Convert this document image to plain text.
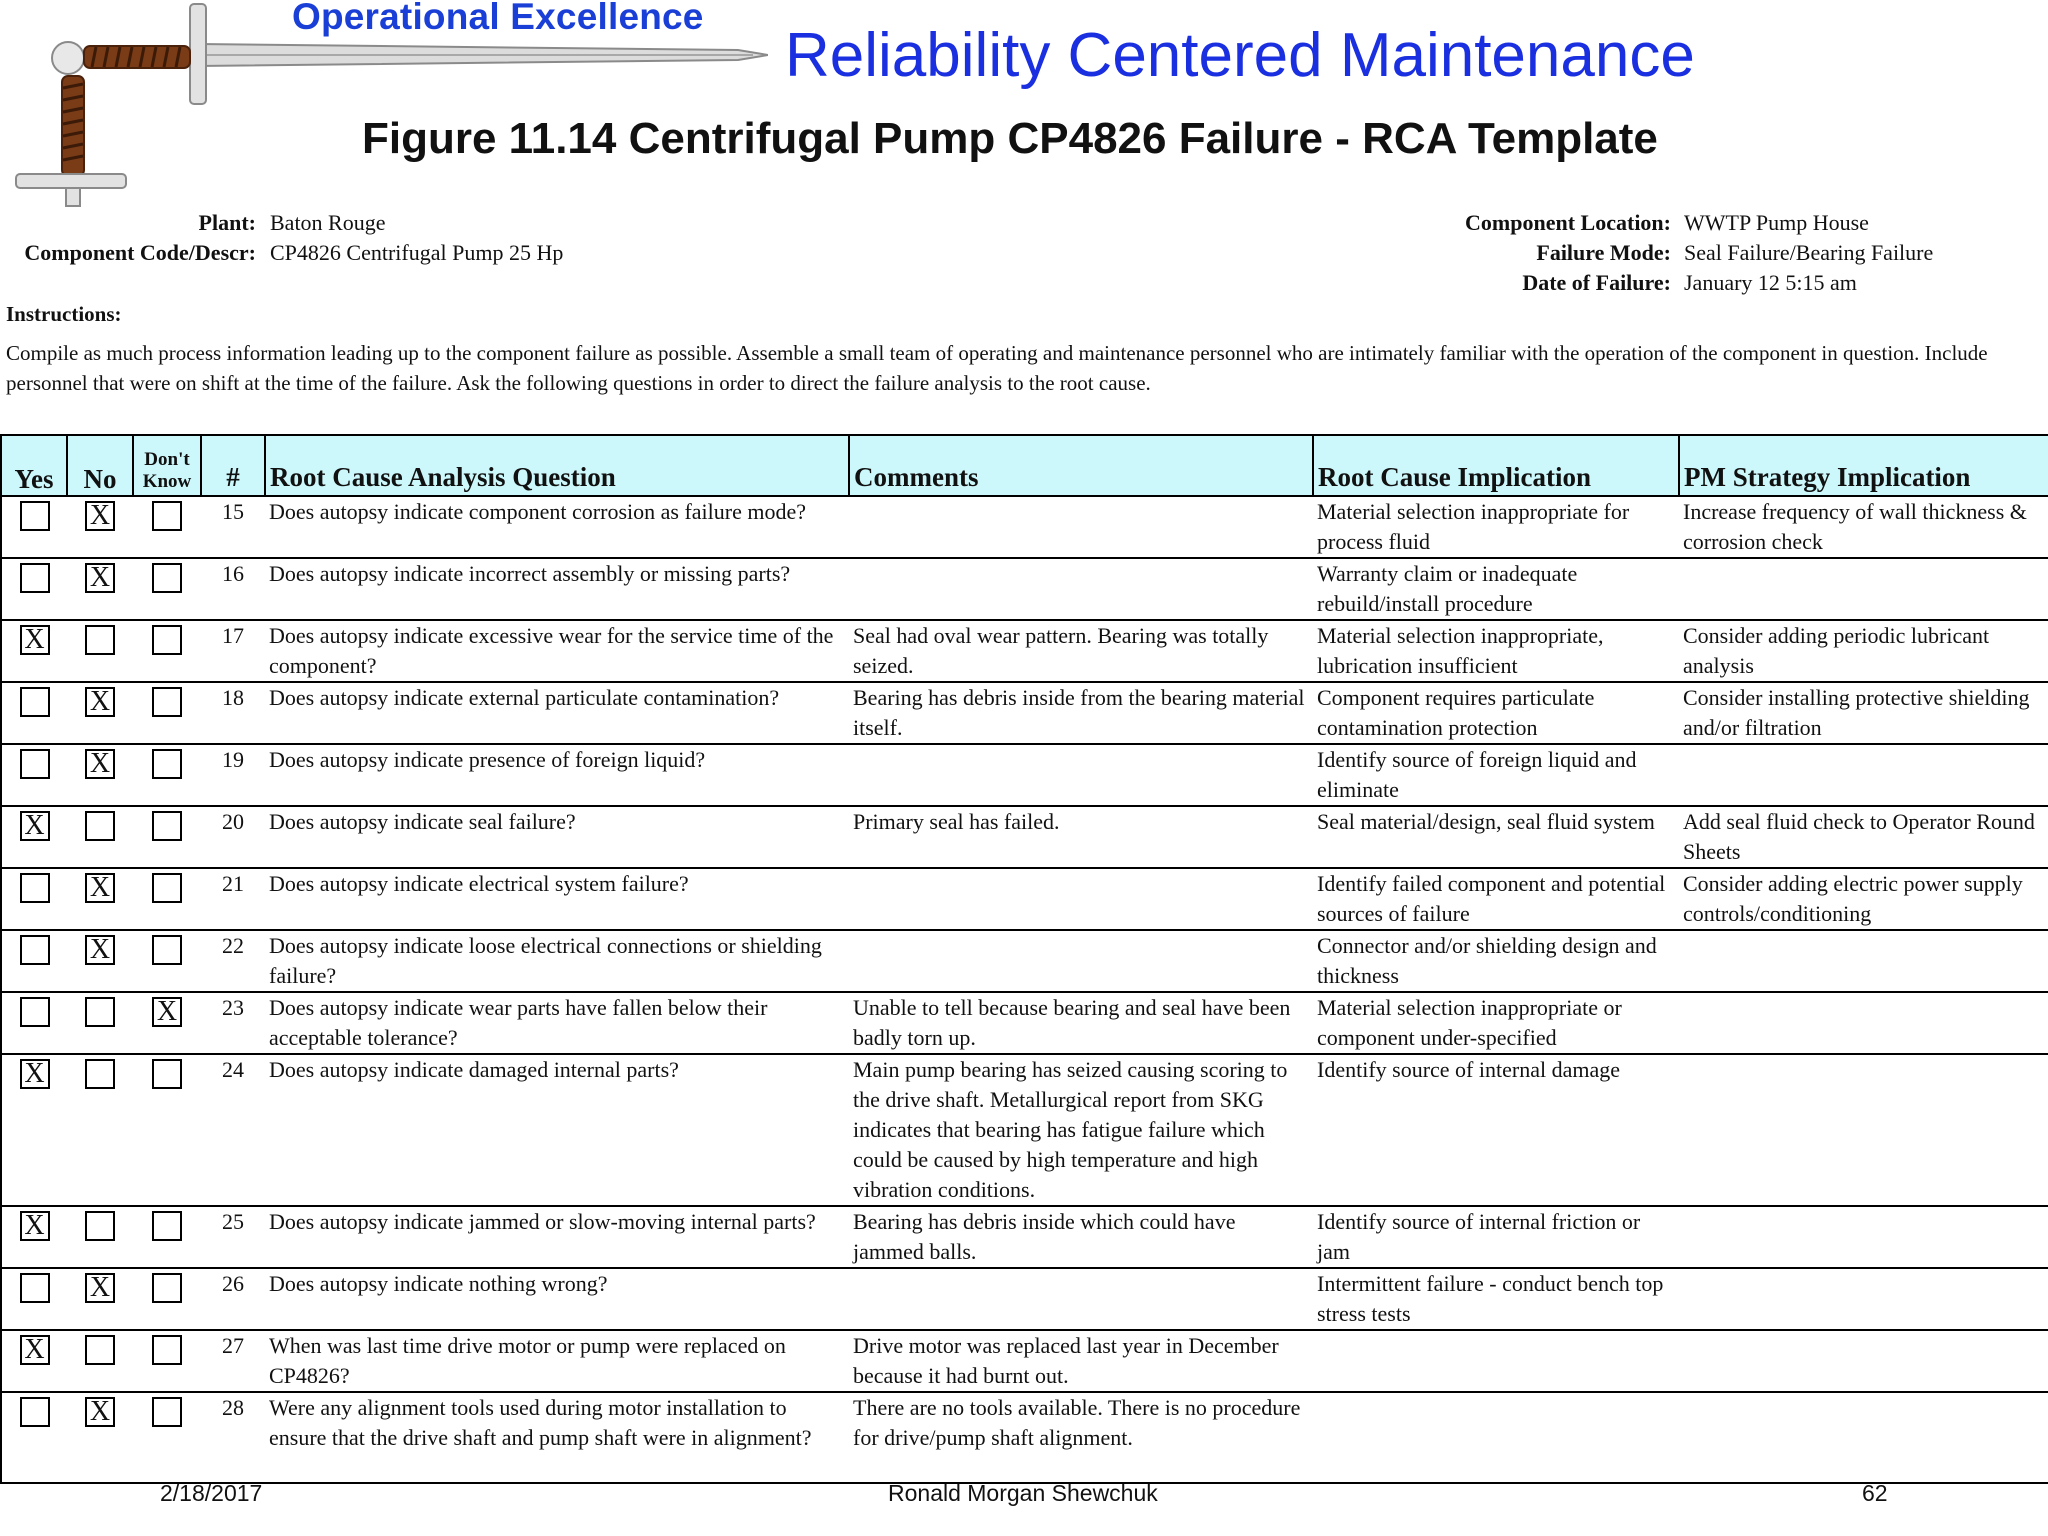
Operational Excellence
Reliability Centered Maintenance
Figure 11.14 Centrifugal Pump CP4826 Failure - RCA Template
Plant: Baton Rouge
Component Code/Descr: CP4826 Centrifugal Pump 25 Hp
Component Location: WWTP Pump House
Failure Mode: Seal Failure/Bearing Failure
Date of Failure: January 12 5:15 am
Instructions:
Compile as much process information leading up to the component failure as possible. Assemble a small team of operating and maintenance personnel who are intimately familiar with the operation of the component in question. Include personnel that were on shift at the time of the failure. Ask the following questions in order to direct the failure analysis to the root cause.
Yes	No	Don't Know	#	Root Cause Analysis Question	Comments	Root Cause Implication	PM Strategy Implication
	X		15	Does autopsy indicate component corrosion as failure mode?		Material selection inappropriate for process fluid	Increase frequency of wall thickness & corrosion check
	X		16	Does autopsy indicate incorrect assembly or missing parts?		Warranty claim or inadequate rebuild/install procedure	
X			17	Does autopsy indicate excessive wear for the service time of the component?	Seal had oval wear pattern. Bearing was totally seized.	Material selection inappropriate, lubrication insufficient	Consider adding periodic lubricant analysis
	X		18	Does autopsy indicate external particulate contamination?	Bearing has debris inside from the bearing material itself.	Component requires particulate contamination protection	Consider installing protective shielding and/or filtration
	X		19	Does autopsy indicate presence of foreign liquid?		Identify source of foreign liquid and eliminate	
X			20	Does autopsy indicate seal failure?	Primary seal has failed.	Seal material/design, seal fluid system	Add seal fluid check to Operator Round Sheets
	X		21	Does autopsy indicate electrical system failure?		Identify failed component and potential sources of failure	Consider adding electric power supply controls/conditioning
	X		22	Does autopsy indicate loose electrical connections or shielding failure?		Connector and/or shielding design and thickness	
		X	23	Does autopsy indicate wear parts have fallen below their acceptable tolerance?	Unable to tell because bearing and seal have been badly torn up.	Material selection inappropriate or component under-specified	
X			24	Does autopsy indicate damaged internal parts?	Main pump bearing has seized causing scoring to the drive shaft. Metallurgical report from SKG indicates that bearing has fatigue failure which could be caused by high temperature and high vibration conditions.	Identify source of internal damage	
X			25	Does autopsy indicate jammed or slow-moving internal parts?	Bearing has debris inside which could have jammed balls.	Identify source of internal friction or jam	
	X		26	Does autopsy indicate nothing wrong?		Intermittent failure - conduct bench top stress tests	
X			27	When was last time drive motor or pump were replaced on CP4826?	Drive motor was replaced last year in December because it had burnt out.		
	X		28	Were any alignment tools used during motor installation to ensure that the drive shaft and pump shaft were in alignment?	There are no tools available. There is no procedure for drive/pump shaft alignment.		
2/18/2017	Ronald Morgan Shewchuk	62
